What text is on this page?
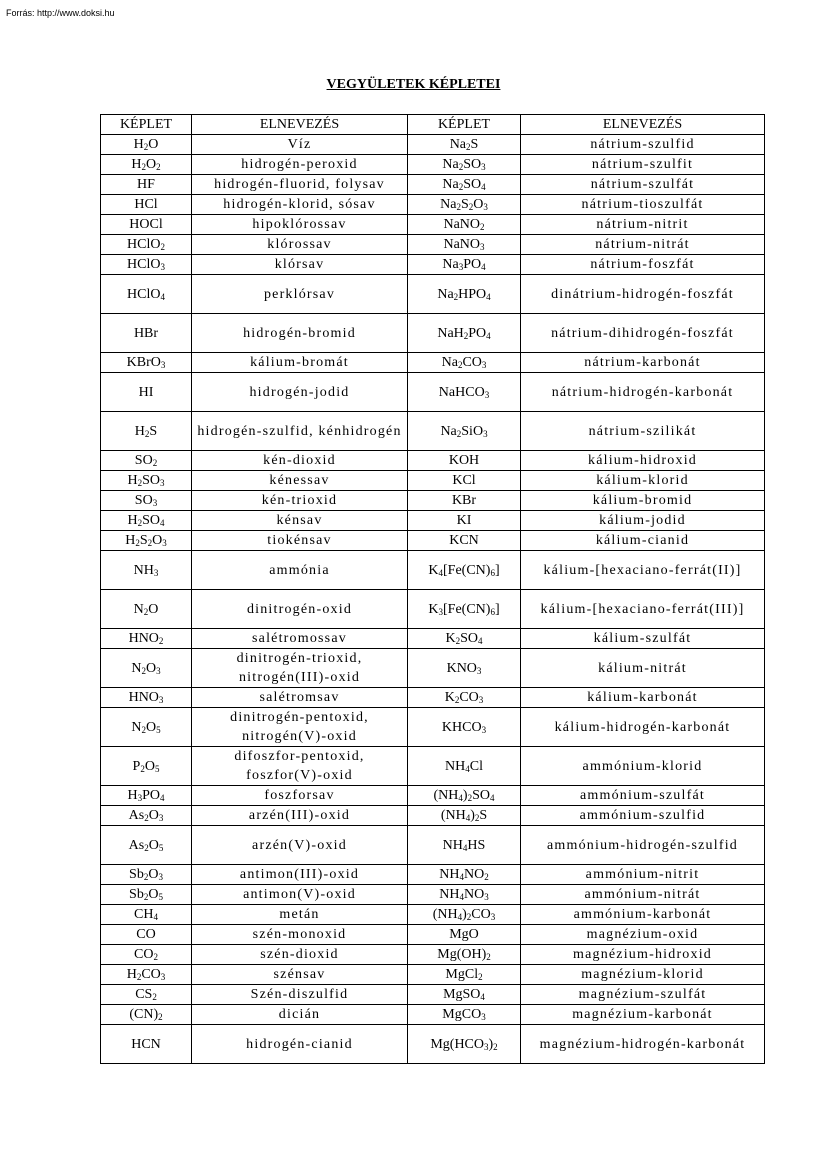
Forrás: http://www.doksi.hu
VEGYÜLETEK KÉPLETEI
KÉPLET	ELNEVEZÉS	KÉPLET	ELNEVEZÉS
$H_2O$	Víz	$Na_2S$	nátrium-szulfid
$H_2O_2$	hidrogén-peroxid	$Na_2SO_3$	nátrium-szulfit
HF	hidrogén-fluorid, folysav	$Na_2SO_4$	nátrium-szulfát
HCl	hidrogén-klorid, sósav	$Na_2S_2O_3$	nátrium-tioszulfát
HOCl	hipoklórossav	NaNO$_2$	nátrium-nitrit
HClO$_2$	klórossav	NaNO$_3$	nátrium-nitrát
HClO$_3$	klórsav	$Na_3PO_4$	nátrium-foszfát
HClO$_4$	perklórsav	$Na_2HPO_4$	dinátrium-hidrogén-foszfát
HBr	hidrogén-bromid	$NaH_2PO_4$	nátrium-dihidrogén-foszfát
KBrO$_3$	kálium-bromát	$Na_2CO_3$	nátrium-karbonát
HI	hidrogén-jodid	NaHCO$_3$	nátrium-hidrogén-karbonát
$H_2S$	hidrogén-szulfid, kénhidrogén	$Na_2SiO_3$	nátrium-szilikát
$SO_2$	kén-dioxid	KOH	kálium-hidroxid
$H_2SO_3$	kénessav	KCl	kálium-klorid
$SO_3$	kén-trioxid	KBr	kálium-bromid
$H_2SO_4$	kénsav	KI	kálium-jodid
$H_2S_2O_3$	tiokénsav	KCN	kálium-cianid
$NH_3$	ammónia	$K_4[Fe(CN)_6]$	kálium-[hexaciano-ferrát(II)]
$N_2O$	dinitrogén-oxid	$K_3[Fe(CN)_6]$	kálium-[hexaciano-ferrát(III)]
$HNO_2$	salétromossav	$K_2SO_4$	kálium-szulfát
$N_2O_3$	dinitrogén-trioxid, nitrogén(III)-oxid	$KNO_3$	kálium-nitrát
$HNO_3$	salétromsav	$K_2CO_3$	kálium-karbonát
$N_2O_5$	dinitrogén-pentoxid, nitrogén(V)-oxid	$KHCO_3$	kálium-hidrogén-karbonát
$P_2O_5$	difoszfor-pentoxid, foszfor(V)-oxid	$NH_4Cl$	ammónium-klorid
$H_3PO_4$	foszforsav	$(NH_4)_2SO_4$	ammónium-szulfát
$As_2O_3$	arzén(III)-oxid	$(NH_4)_2S$	ammónium-szulfid
$As_2O_5$	arzén(V)-oxid	$NH_4HS$	ammónium-hidrogén-szulfid
$Sb_2O_3$	antimon(III)-oxid	$NH_4NO_2$	ammónium-nitrit
$Sb_2O_5$	antimon(V)-oxid	$NH_4NO_3$	ammónium-nitrát
$CH_4$	metán	$(NH_4)_2CO_3$	ammónium-karbonát
CO	szén-monoxid	MgO	magnézium-oxid
$CO_2$	szén-dioxid	$Mg(OH)_2$	magnézium-hidroxid
$H_2CO_3$	szénsav	MgCl$_2$	magnézium-klorid
$CS_2$	Szén-diszulfid	MgSO$_4$	magnézium-szulfát
$(CN)_2$	dicián	MgCO$_3$	magnézium-karbonát
HCN	hidrogén-cianid	$Mg(HCO_3)_2$	magnézium-hidrogén-karbonát
